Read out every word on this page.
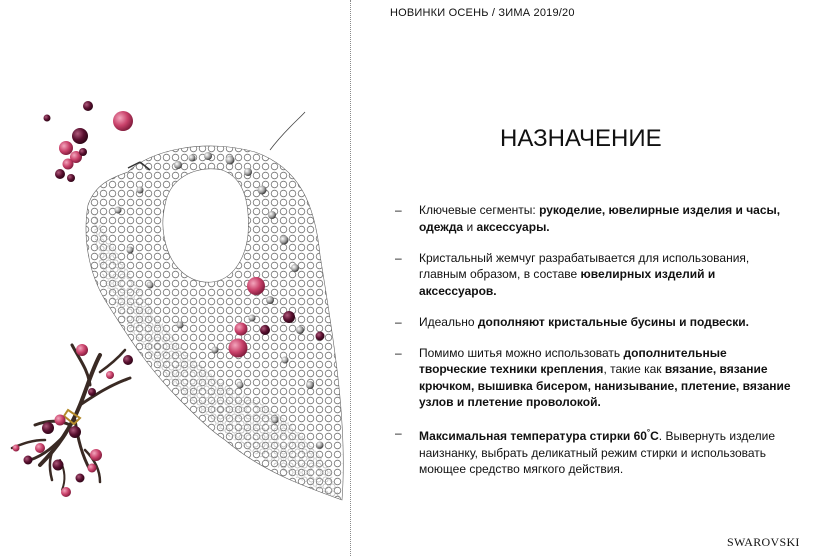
НОВИНКИ ОСЕНЬ / ЗИМА 2019/20
НАЗНАЧЕНИЕ
– Ключевые сегменты: рукоделие, ювелирные изделия и часы, одежда и аксессуары.
– Кристальный жемчуг разрабатывается для использования, главным образом, в составе ювелирных изделий и аксессуаров.
– Идеально дополняют кристальные бусины и подвески.
– Помимо шитья можно использовать дополнительные творческие техники крепления, такие как вязание, вязание крючком, вышивка бисером, нанизывание, плетение, вязание узлов и плетение проволокой.
– Максимальная температура стирки 60°C. Вывернуть изделие наизнанку, выбрать деликатный режим стирки и использовать моющее средство мягкого действия.
SWAROVSKI
